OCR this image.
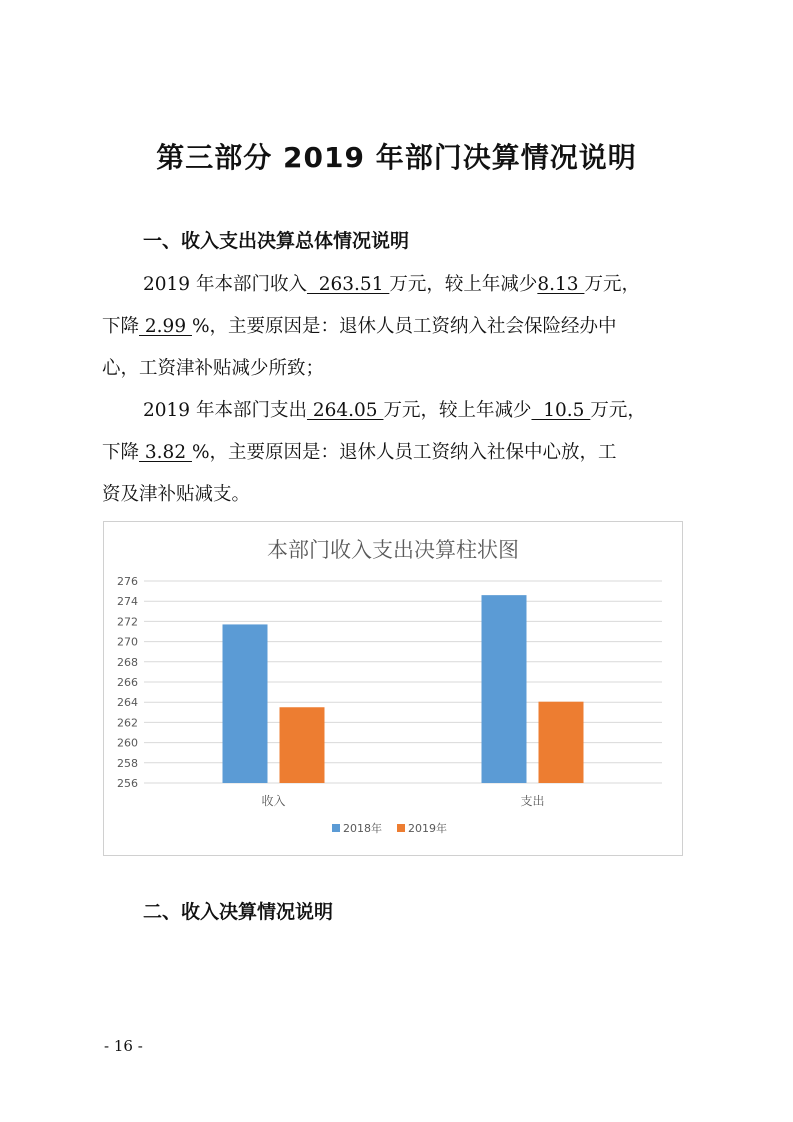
第三部分 2019 年部门决算情况说明
一、收入支出决算总体情况说明
2019 年本部门收入  263.51 万元，较上年减少8.13 万元，
下降 2.99 %，主要原因是：退休人员工资纳入社会保险经办中
心，工资津补贴减少所致；
2019 年本部门支出 264.05 万元，较上年减少  10.5 万元，
下降 3.82 %，主要原因是：退休人员工资纳入社保中心放，工
资及津补贴减支。
本部门收入支出决算柱状图
256
258
260
262
264
266
268
270
272
274
276
收入	支出
2018年 2019年
二、收入决算情况说明
- 16 -
